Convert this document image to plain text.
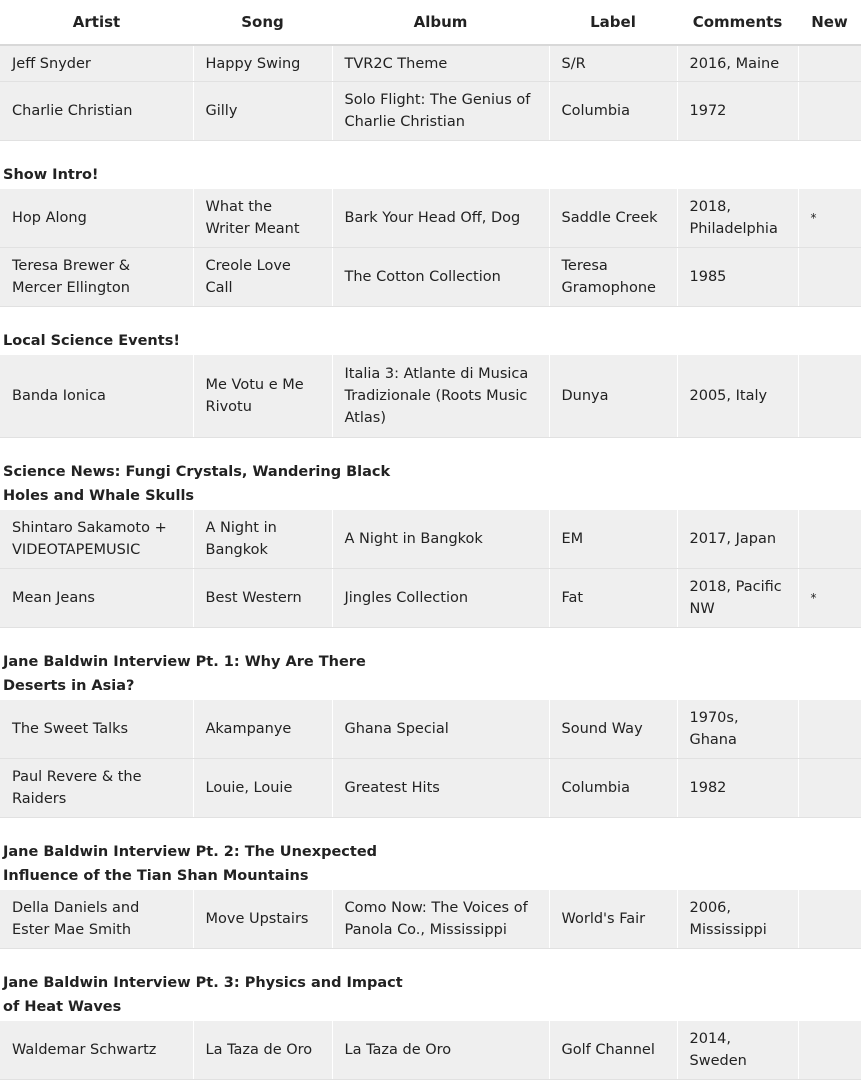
Artist	Song	Album	Label	Comments	New
Jeff Snyder	Happy Swing	TVR2C Theme	S/R	2016, Maine	
Charlie Christian	Gilly	Solo Flight: The Genius of Charlie Christian	Columbia	1972	

Show Intro!					

Hop Along	What the Writer Meant	Bark Your Head Off, Dog	Saddle Creek	2018, Philadelphia	*
Teresa Brewer & Mercer Ellington	Creole Love Call	The Cotton Collection	Teresa Gramophone	1985	

Local Science Events!					

Banda Ionica	Me Votu e Me Rivotu	Italia 3: Atlante di Musica Tradizionale (Roots Music Atlas)	Dunya	2005, Italy	

Science News: Fungi Crystals, Wandering Black Holes and Whale Skulls					

Shintaro Sakamoto + VIDEOTAPEMUSIC	A Night in Bangkok	A Night in Bangkok	EM	2017, Japan	
Mean Jeans	Best Western	Jingles Collection	Fat	2018, Pacific NW	*

Jane Baldwin Interview Pt. 1: Why Are There Deserts in Asia?					

The Sweet Talks	Akampanye	Ghana Special	Sound Way	1970s, Ghana	
Paul Revere & the Raiders	Louie, Louie	Greatest Hits	Columbia	1982	

Jane Baldwin Interview Pt. 2: The Unexpected Influence of the Tian Shan Mountains					

Della Daniels and Ester Mae Smith	Move Upstairs	Como Now: The Voices of Panola Co., Mississippi	World's Fair	2006, Mississippi	

Jane Baldwin Interview Pt. 3: Physics and Impact of Heat Waves					

Waldemar Schwartz	La Taza de Oro	La Taza de Oro	Golf Channel	2014, Sweden	
